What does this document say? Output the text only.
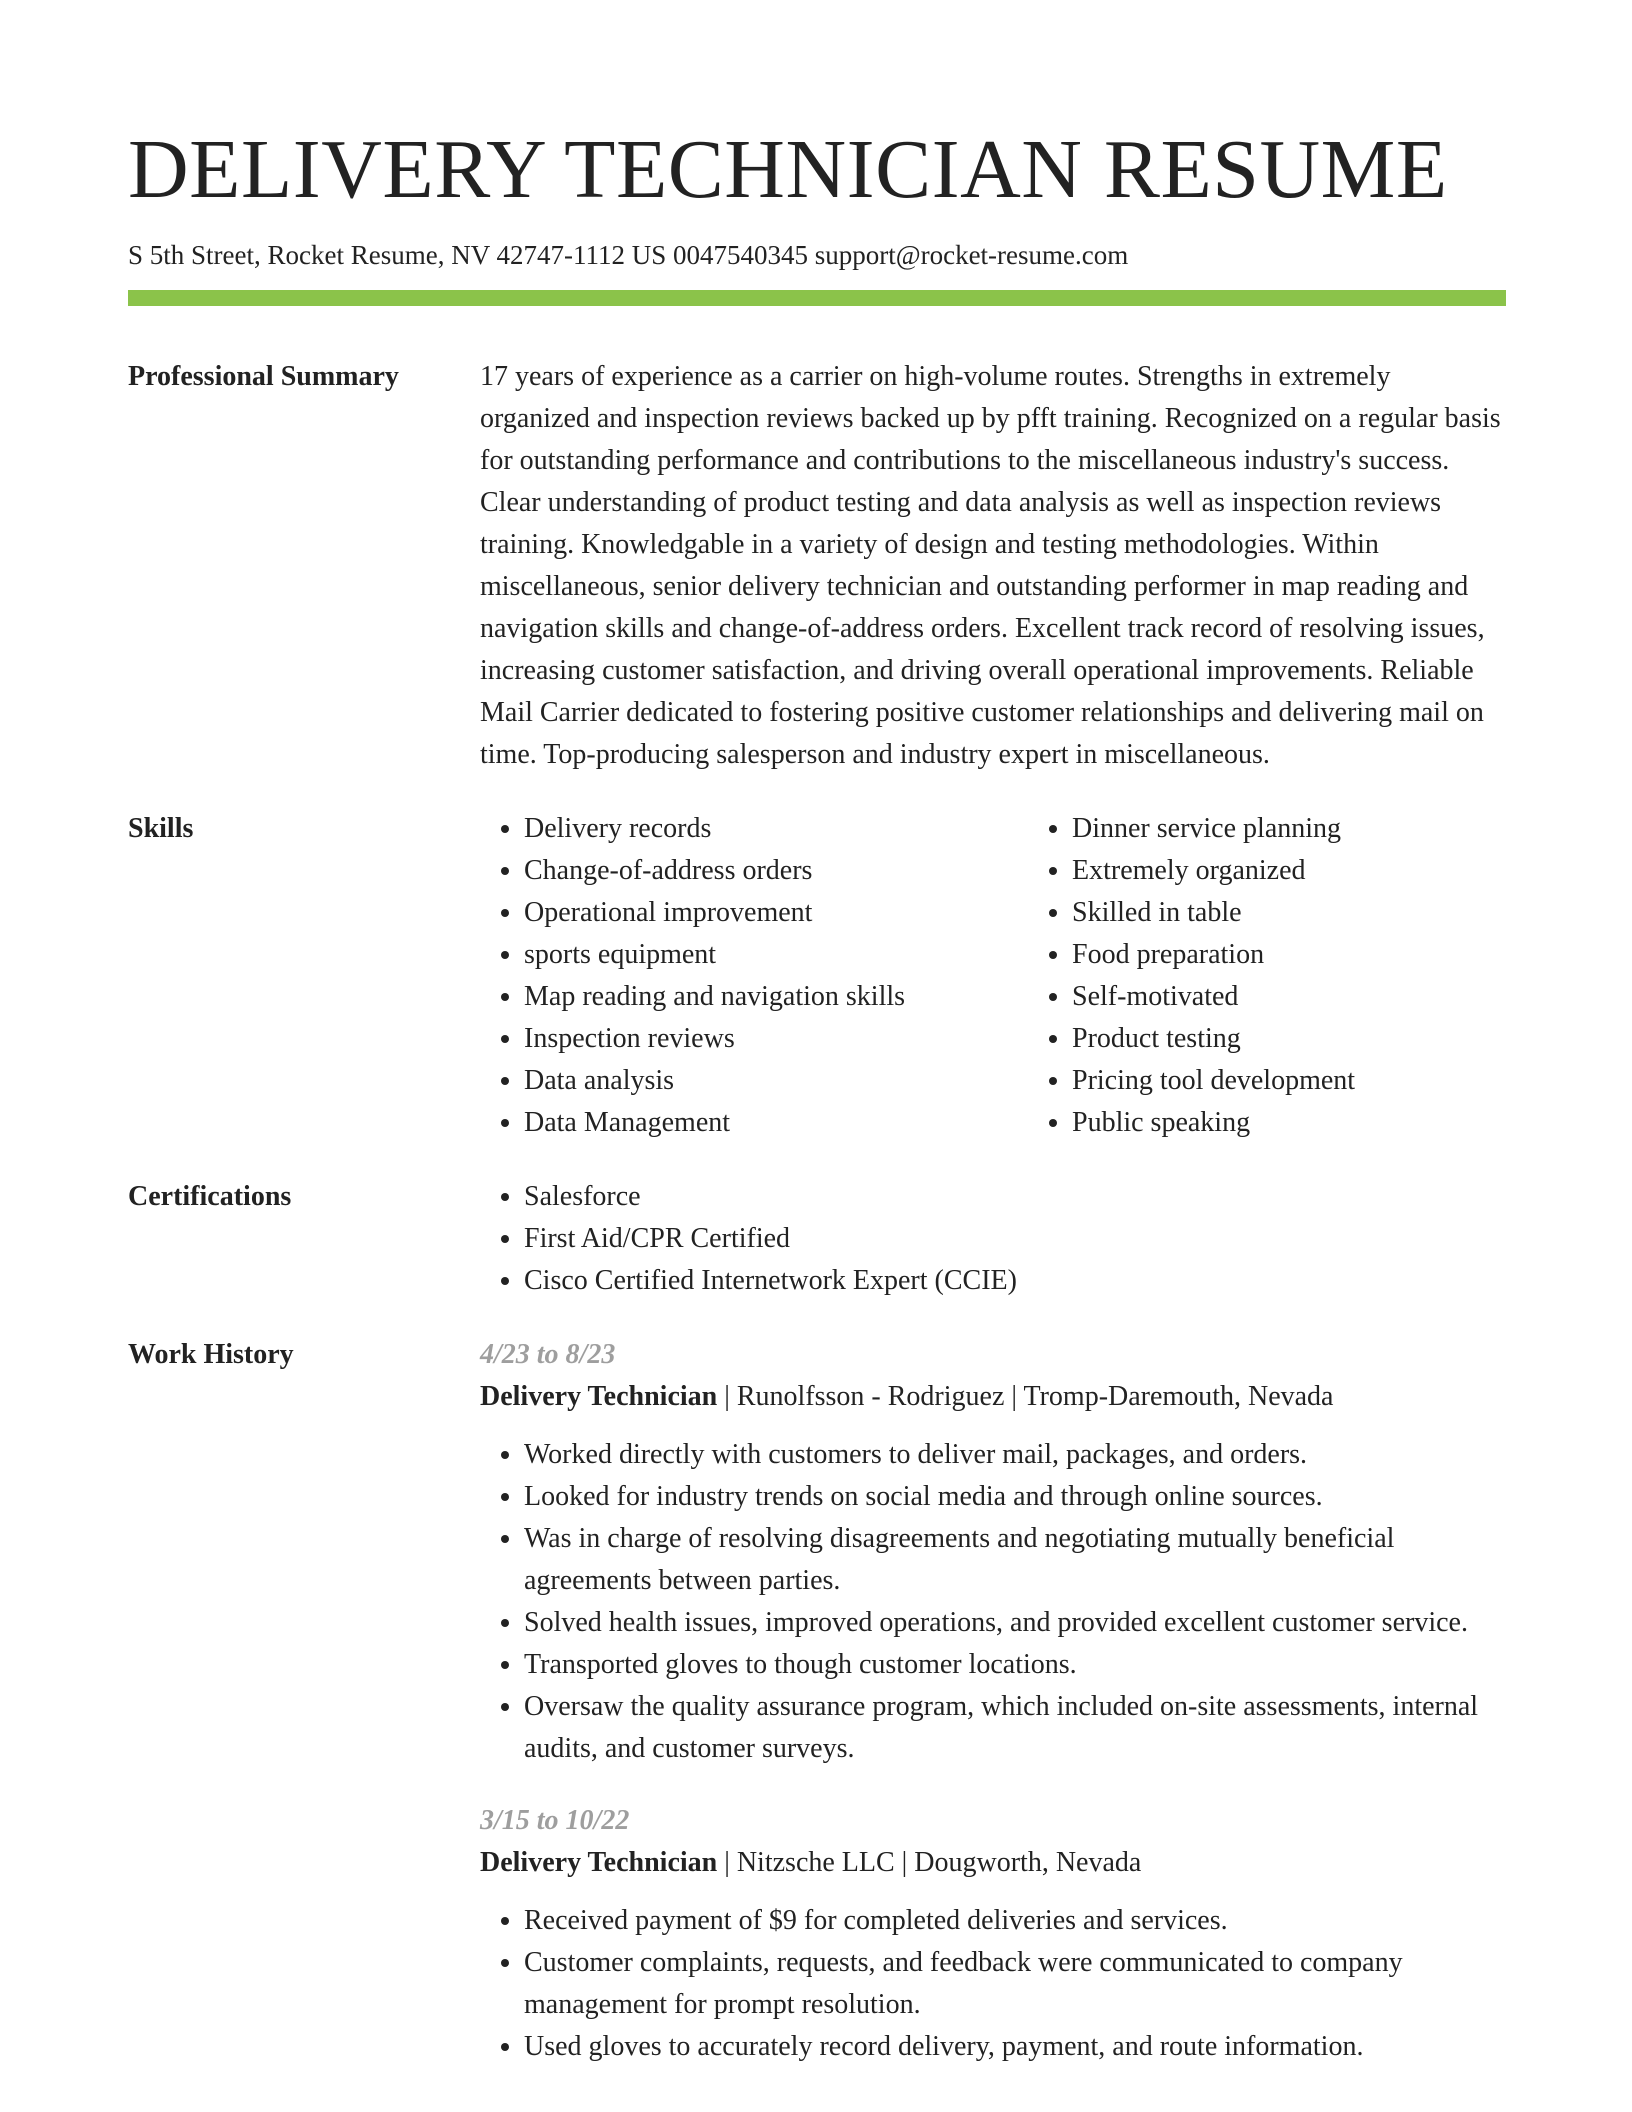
DELIVERY TECHNICIAN RESUME
S 5th Street, Rocket Resume, NV 42747-1112 US 0047540345 support@rocket-resume.com
Professional Summary	17 years of experience as a carrier on high-volume routes. Strengths in extremely organized and inspection reviews backed up by pfft training. Recognized on a regular basis for outstanding performance and contributions to the miscellaneous industry's success. Clear understanding of product testing and data analysis as well as inspection reviews training. Knowledgable in a variety of design and testing methodologies. Within miscellaneous, senior delivery technician and outstanding performer in map reading and navigation skills and change-of-address orders. Excellent track record of resolving issues, increasing customer satisfaction, and driving overall operational improvements. Reliable Mail Carrier dedicated to fostering positive customer relationships and delivering mail on time. Top-producing salesperson and industry expert in miscellaneous.
Skills	• Delivery records
• Change-of-address orders
• Operational improvement
• sports equipment
• Map reading and navigation skills
• Inspection reviews
• Data analysis
• Data Management
• Dinner service planning
• Extremely organized
• Skilled in table
• Food preparation
• Self-motivated
• Product testing
• Pricing tool development
• Public speaking
Certifications	• Salesforce
• First Aid/CPR Certified
• Cisco Certified Internetwork Expert (CCIE)
Work History	4/23 to 8/23
Delivery Technician | Runolfsson - Rodriguez | Tromp-Daremouth, Nevada
• Worked directly with customers to deliver mail, packages, and orders.
• Looked for industry trends on social media and through online sources.
• Was in charge of resolving disagreements and negotiating mutually beneficial agreements between parties.
• Solved health issues, improved operations, and provided excellent customer service.
• Transported gloves to though customer locations.
• Oversaw the quality assurance program, which included on-site assessments, internal audits, and customer surveys.
3/15 to 10/22
Delivery Technician | Nitzsche LLC | Dougworth, Nevada
• Received payment of $9 for completed deliveries and services.
• Customer complaints, requests, and feedback were communicated to company management for prompt resolution.
• Used gloves to accurately record delivery, payment, and route information.
